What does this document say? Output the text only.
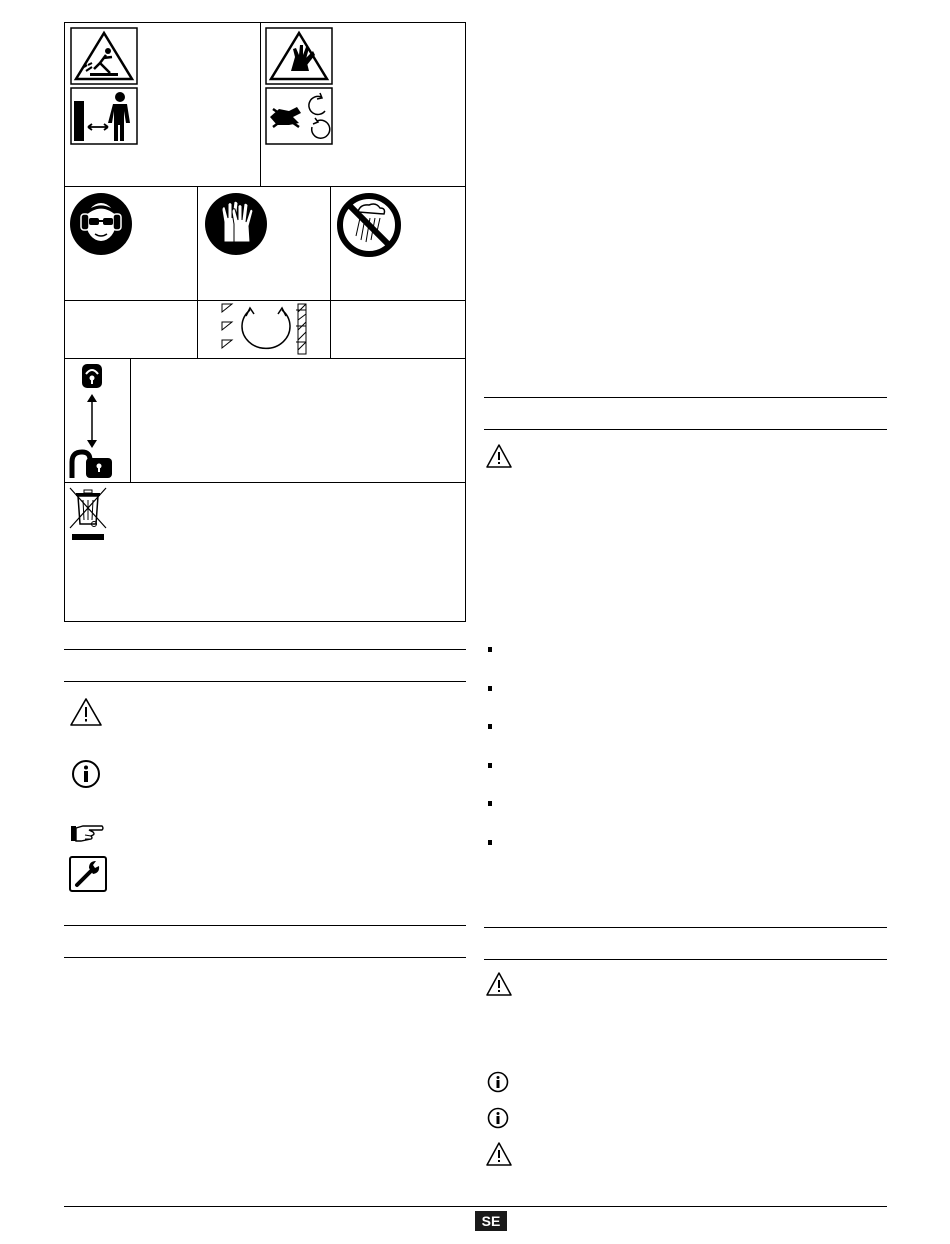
SE
